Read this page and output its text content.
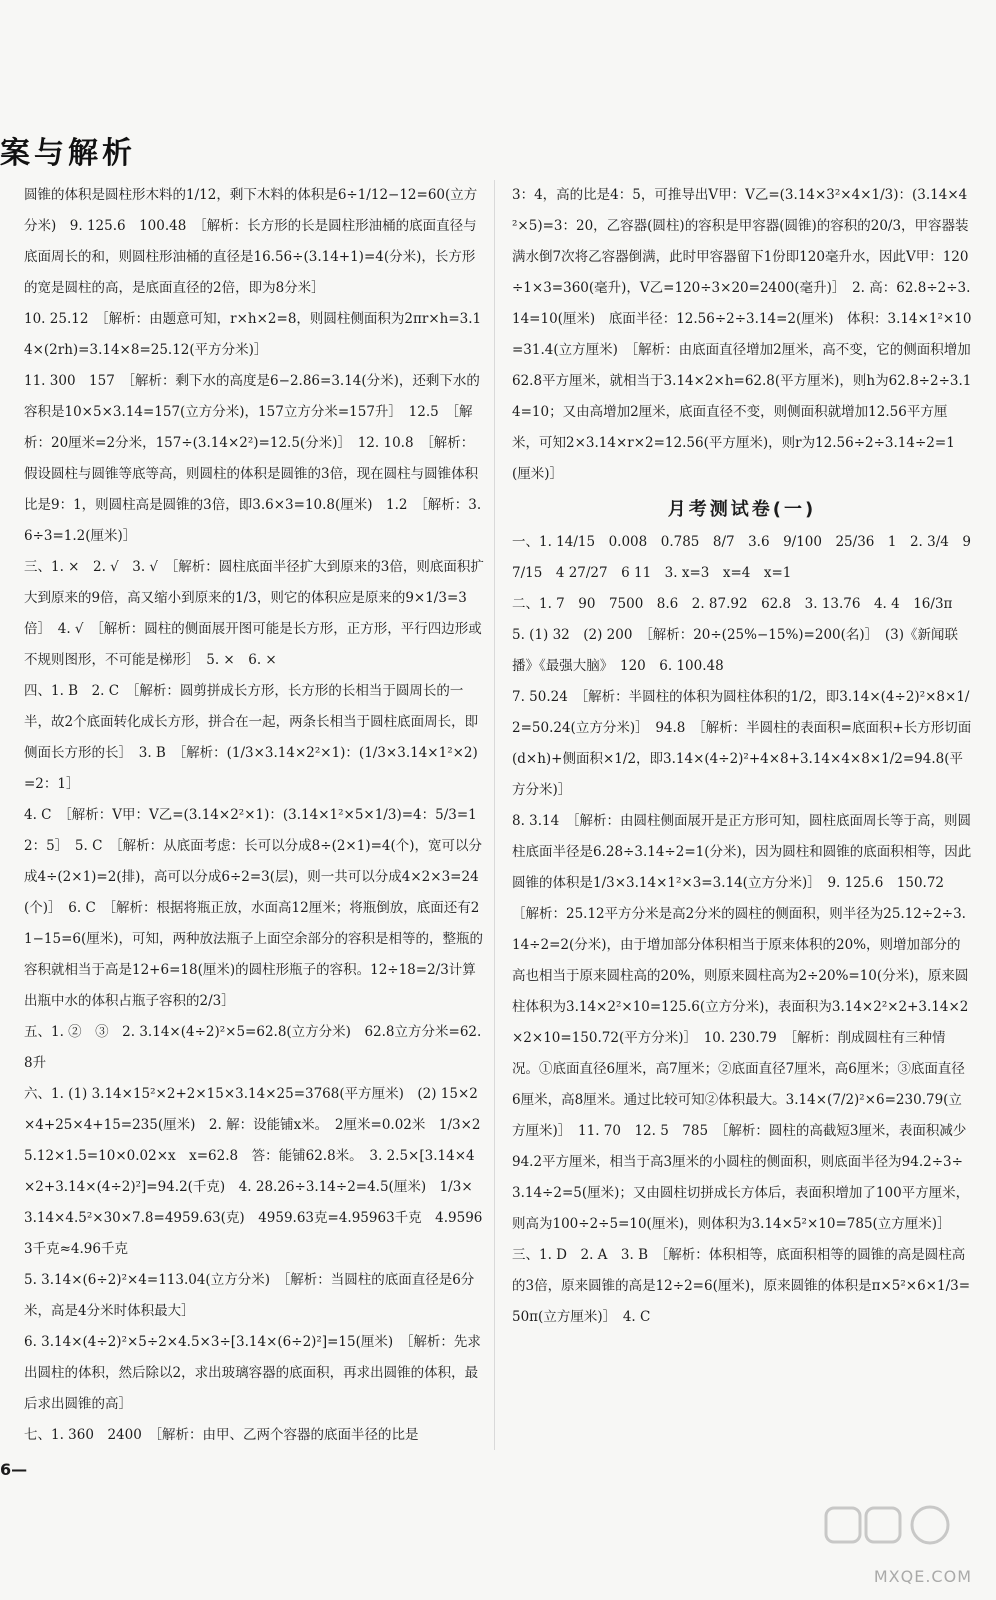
案与解析

圆锥的体积是圆柱形木料的1/12，剩下木料的体积是6÷1/12−12=60(立方分米)　9. 125.6　100.48　［解析：长方形的长是圆柱形油桶的底面直径与底面周长的和，则圆柱形油桶的直径是16.56÷(3.14+1)=4(分米)，长方形的宽是圆柱的高，是底面直径的2倍，即为8分米］

10. 25.12　［解析：由题意可知，r×h×2=8，则圆柱侧面积为2πr×h=3.14×(2rh)=3.14×8=25.12(平方分米)］

11. 300　157　［解析：剩下水的高度是6−2.86=3.14(分米)，还剩下水的容积是10×5×3.14=157(立方分米)，157立方分米=157升］　12.5　［解析：20厘米=2分米，157÷(3.14×2²)=12.5(分米)］　12. 10.8　［解析：假设圆柱与圆锥等底等高，则圆柱的体积是圆锥的3倍，现在圆柱与圆锥体积比是9：1，则圆柱高是圆锥的3倍，即3.6×3=10.8(厘米)　1.2　［解析：3.6÷3=1.2(厘米)］

三、1. ×　2. √　3. √　［解析：圆柱底面半径扩大到原来的3倍，则底面积扩大到原来的9倍，高又缩小到原来的1/3，则它的体积应是原来的9×1/3=3倍］　4. √　［解析：圆柱的侧面展开图可能是长方形，正方形，平行四边形或不规则图形，不可能是梯形］　5. ×　6. ×

四、1. B　2. C　［解析：圆剪拼成长方形，长方形的长相当于圆周长的一半，故2个底面转化成长方形，拼合在一起，两条长相当于圆柱底面周长，即侧面长方形的长］　3. B　［解析：(1/3×3.14×2²×1)：(1/3×3.14×1²×2)=2：1］

4. C　［解析：V甲：V乙=(3.14×2²×1)：(3.14×1²×5×1/3)=4：5/3=12：5］　5. C　［解析：从底面考虑：长可以分成8÷(2×1)=4(个)，宽可以分成4÷(2×1)=2(排)，高可以分成6÷2=3(层)，则一共可以分成4×2×3=24(个)］　6. C　［解析：根据将瓶正放，水面高12厘米；将瓶倒放，底面还有21−15=6(厘米)，可知，两种放法瓶子上面空余部分的容积是相等的，整瓶的容积就相当于高是12+6=18(厘米)的圆柱形瓶子的容积。12÷18=2/3计算出瓶中水的体积占瓶子容积的2/3］

五、1. ②　③　2. 3.14×(4÷2)²×5=62.8(立方分米)　62.8立方分米=62.8升

六、1. (1) 3.14×15²×2+2×15×3.14×25=3768(平方厘米)　(2) 15×2×4+25×4+15=235(厘米)　2. 解：设能铺x米。　2厘米=0.02米　1/3×25.12×1.5=10×0.02×x　x=62.8　答：能铺62.8米。　3. 2.5×[3.14×4×2+3.14×(4÷2)²]=94.2(千克)　4. 28.26÷3.14÷2=4.5(厘米)　1/3×3.14×4.5²×30×7.8=4959.63(克)　4959.63克=4.95963千克　4.95963千克≈4.96千克

5. 3.14×(6÷2)²×4=113.04(立方分米)　［解析：当圆柱的底面直径是6分米，高是4分米时体积最大］

6. 3.14×(4÷2)²×5÷2×4.5×3÷[3.14×(6÷2)²]=15(厘米)　［解析：先求出圆柱的体积，然后除以2，求出玻璃容器的底面积，再求出圆锥的体积，最后求出圆锥的高］

七、1. 360　2400　［解析：由甲、乙两个容器的底面半径的比是

3：4，高的比是4：5，可推导出V甲：V乙=(3.14×3²×4×1/3)：(3.14×4²×5)=3：20，乙容器(圆柱)的容积是甲容器(圆锥)的容积的20/3，甲容器装满水倒7次将乙容器倒满，此时甲容器留下1份即120毫升水，因此V甲：120÷1×3=360(毫升)，V乙=120÷3×20=2400(毫升)］　2. 高：62.8÷2÷3.14=10(厘米)　底面半径：12.56÷2÷3.14=2(厘米)　体积：3.14×1²×10=31.4(立方厘米)　［解析：由底面直径增加2厘米，高不变，它的侧面积增加62.8平方厘米，就相当于3.14×2×h=62.8(平方厘米)，则h为62.8÷2÷3.14=10；又由高增加2厘米，底面直径不变，则侧面积就增加12.56平方厘米，可知2×3.14×r×2=12.56(平方厘米)，则r为12.56÷2÷3.14÷2=1(厘米)］

月考测试卷(一)

一、1. 14/15　0.008　0.785　8/7　3.6　9/100　25/36　1　2. 3/4　9 7/15　4 27/27　6 11　3. x=3　x=4　x=1

二、1. 7　90　7500　8.6　2. 87.92　62.8　3. 13.76　4. 4　16/3π　5. (1) 32　(2) 200　［解析：20÷(25%−15%)=200(名)］　(3)《新闻联播》《最强大脑》　120　6. 100.48

7. 50.24　［解析：半圆柱的体积为圆柱体积的1/2，即3.14×(4÷2)²×8×1/2=50.24(立方分米)］　94.8　［解析：半圆柱的表面积=底面积+长方形切面(d×h)+侧面积×1/2，即3.14×(4÷2)²+4×8+3.14×4×8×1/2=94.8(平方分米)］

8. 3.14　［解析：由圆柱侧面展开是正方形可知，圆柱底面周长等于高，则圆柱底面半径是6.28÷3.14÷2=1(分米)，因为圆柱和圆锥的底面积相等，因此圆锥的体积是1/3×3.14×1²×3=3.14(立方分米)］　9. 125.6　150.72　［解析：25.12平方分米是高2分米的圆柱的侧面积，则半径为25.12÷2÷3.14÷2=2(分米)，由于增加部分体积相当于原来体积的20%，则增加部分的高也相当于原来圆柱高的20%，则原来圆柱高为2÷20%=10(分米)，原来圆柱体积为3.14×2²×10=125.6(立方分米)，表面积为3.14×2²×2+3.14×2×2×10=150.72(平方分米)］　10. 230.79　［解析：削成圆柱有三种情况。①底面直径6厘米，高7厘米；②底面直径7厘米，高6厘米；③底面直径6厘米，高8厘米。通过比较可知②体积最大。3.14×(7/2)²×6=230.79(立方厘米)］　11. 70　12. 5　785　［解析：圆柱的高截短3厘米，表面积减少94.2平方厘米，相当于高3厘米的小圆柱的侧面积，则底面半径为94.2÷3÷3.14÷2=5(厘米)；又由圆柱切拼成长方体后，表面积增加了100平方厘米，则高为100÷2÷5=10(厘米)，则体积为3.14×5²×10=785(立方厘米)］

三、1. D　2. A　3. B　［解析：体积相等，底面积相等的圆锥的高是圆柱高的3倍，原来圆锥的高是12÷2=6(厘米)，原来圆锥的体积是π×5²×6×1/3=50π(立方厘米)］　4. C

6—
MXQE.COM
